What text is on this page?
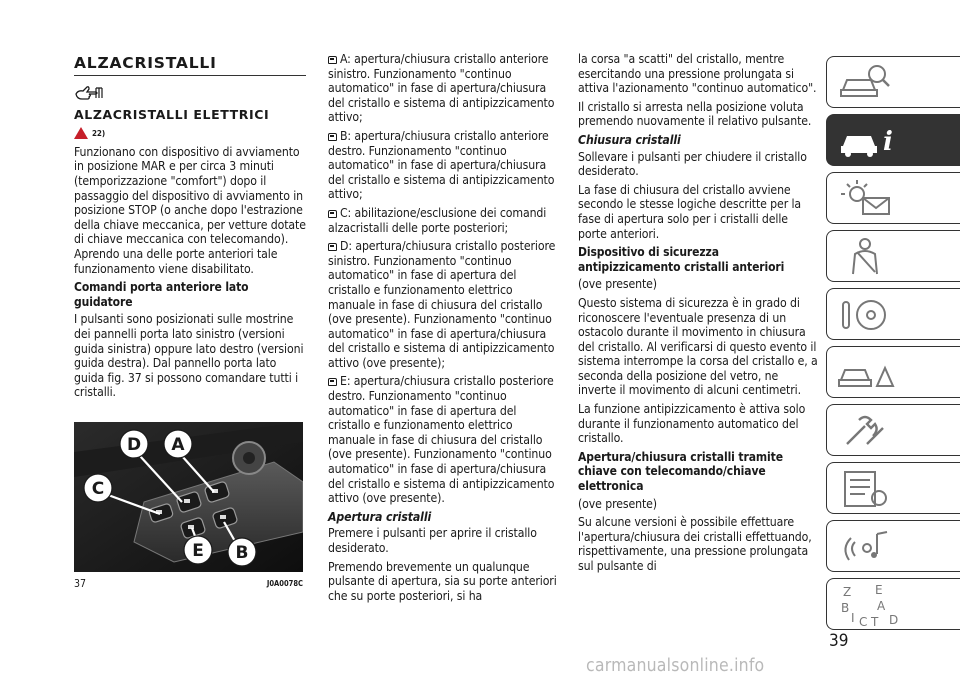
ALZACRISTALLI
ALZACRISTALLI ELETTRICI
22)

Funzionano con dispositivo di avviamento in posizione MAR e per circa 3 minuti (temporizzazione "comfort") dopo il passaggio del dispositivo di avviamento in posizione STOP (o anche dopo l'estrazione della chiave meccanica, per vetture dotate di chiave meccanica con telecomando). Aprendo una delle porte anteriori tale funzionamento viene disabilitato.

Comandi porta anteriore lato guidatore

I pulsanti sono posizionati sulle mostrine dei pannelli porta lato sinistro (versioni guida sinistra) oppure lato destro (versioni guida destra). Dal pannello porta lato guida fig. 37 si possono comandare tutti i cristalli.

D A
C
E B
37	J0A0078C

A: apertura/chiusura cristallo anteriore sinistro. Funzionamento "continuo automatico" in fase di apertura/chiusura del cristallo e sistema di antipizzicamento attivo;

B: apertura/chiusura cristallo anteriore destro. Funzionamento "continuo automatico" in fase di apertura/chiusura del cristallo e sistema di antipizzicamento attivo;

C: abilitazione/esclusione dei comandi alzacristalli delle porte posteriori;

D: apertura/chiusura cristallo posteriore sinistro. Funzionamento "continuo automatico" in fase di apertura del cristallo e funzionamento elettrico manuale in fase di chiusura del cristallo (ove presente). Funzionamento "continuo automatico" in fase di apertura/chiusura del cristallo e sistema di antipizzicamento attivo (ove presente);

E: apertura/chiusura cristallo posteriore destro. Funzionamento "continuo automatico" in fase di apertura del cristallo e funzionamento elettrico manuale in fase di chiusura del cristallo (ove presente). Funzionamento "continuo automatico" in fase di apertura/chiusura del cristallo e sistema di antipizzicamento attivo (ove presente).

Apertura cristalli

Premere i pulsanti per aprire il cristallo desiderato.

Premendo brevemente un qualunque pulsante di apertura, sia su porte anteriori che su porte posteriori, si ha

la corsa "a scatti" del cristallo, mentre esercitando una pressione prolungata si attiva l'azionamento "continuo automatico".

Il cristallo si arresta nella posizione voluta premendo nuovamente il relativo pulsante.

Chiusura cristalli

Sollevare i pulsanti per chiudere il cristallo desiderato.

La fase di chiusura del cristallo avviene secondo le stesse logiche descritte per la fase di apertura solo per i cristalli delle porte anteriori.

Dispositivo di sicurezza antipizzicamento cristalli anteriori

(ove presente)

Questo sistema di sicurezza è in grado di riconoscere l'eventuale presenza di un ostacolo durante il movimento in chiusura del cristallo. Al verificarsi di questo evento il sistema interrompe la corsa del cristallo e, a seconda della posizione del vetro, ne inverte il movimento di alcuni centimetri.

La funzione antipizzicamento è attiva solo durante il funzionamento automatico del cristallo.

Apertura/chiusura cristalli tramite chiave con telecomando/chiave elettronica

(ove presente)

Su alcune versioni è possibile effettuare l'apertura/chiusura dei cristalli effettuando, rispettivamente, una pressione prolungata sul pulsante di

39
i
Z E
B A
I C T D
carmanualsonline.info
